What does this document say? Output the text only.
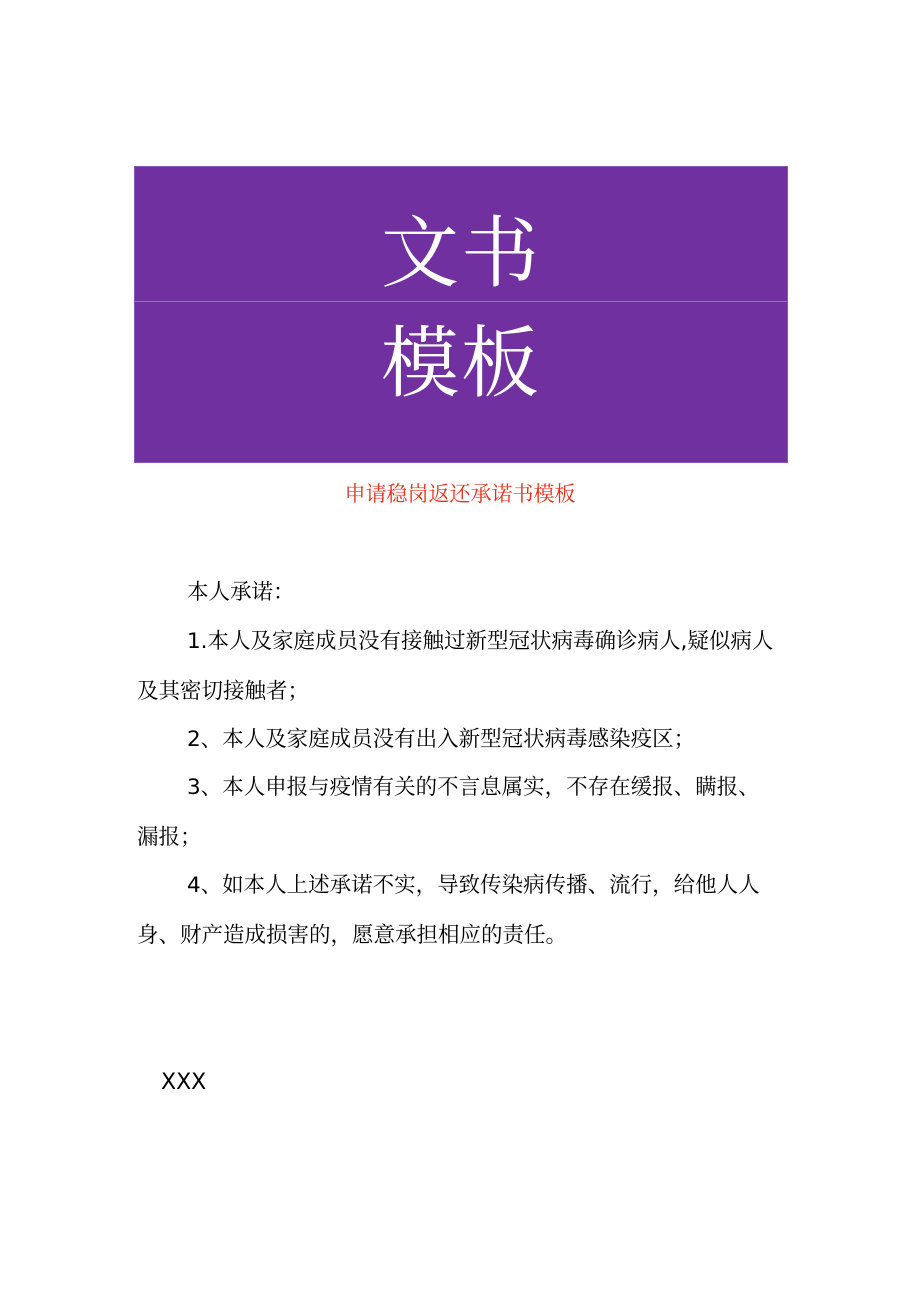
文书
模板
申请稳岗返还承诺书模板

本人承诺：

1.本人及家庭成员没有接触过新型冠状病毒确诊病人,疑似病人及其密切接触者；

2、本人及家庭成员没有出入新型冠状病毒感染疫区；

3、本人申报与疫情有关的不言息属实，不存在缓报、瞒报、漏报；

4、如本人上述承诺不实，导致传染病传播、流行，给他人人身、财产造成损害的，愿意承担相应的责任。

XXX
